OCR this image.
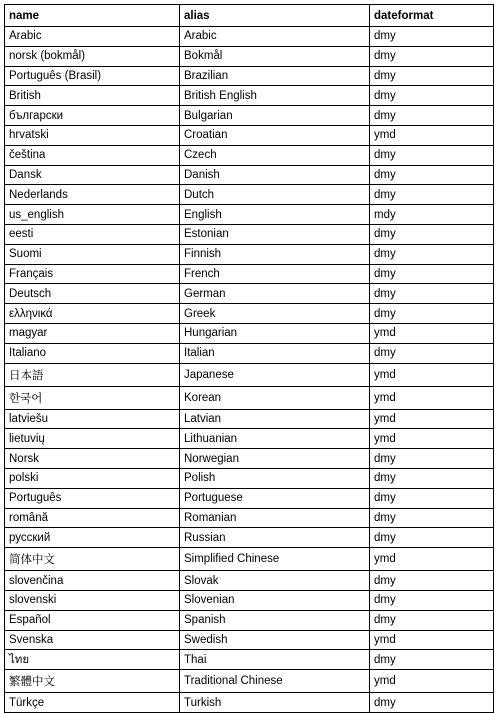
name	alias	dateformat
Arabic	Arabic	dmy
norsk (bokmål)	Bokmål	dmy
Português (Brasil)	Brazilian	dmy
British	British English	dmy
български	Bulgarian	dmy
hrvatski	Croatian	ymd
čeština	Czech	dmy
Dansk	Danish	dmy
Nederlands	Dutch	dmy
us_english	English	mdy
eesti	Estonian	dmy
Suomi	Finnish	dmy
Français	French	dmy
Deutsch	German	dmy
ελληνικά	Greek	dmy
magyar	Hungarian	ymd
Italiano	Italian	dmy
日本語	Japanese	ymd
한국어	Korean	ymd
latviešu	Latvian	ymd
lietuvių	Lithuanian	ymd
Norsk	Norwegian	dmy
polski	Polish	dmy
Português	Portuguese	dmy
română	Romanian	dmy
русский	Russian	dmy
简体中文	Simplified Chinese	ymd
slovenčina	Slovak	dmy
slovenski	Slovenian	dmy
Español	Spanish	dmy
Svenska	Swedish	ymd
ไทย	Thai	dmy
繁體中文	Traditional Chinese	ymd
Türkçe	Turkish	dmy
